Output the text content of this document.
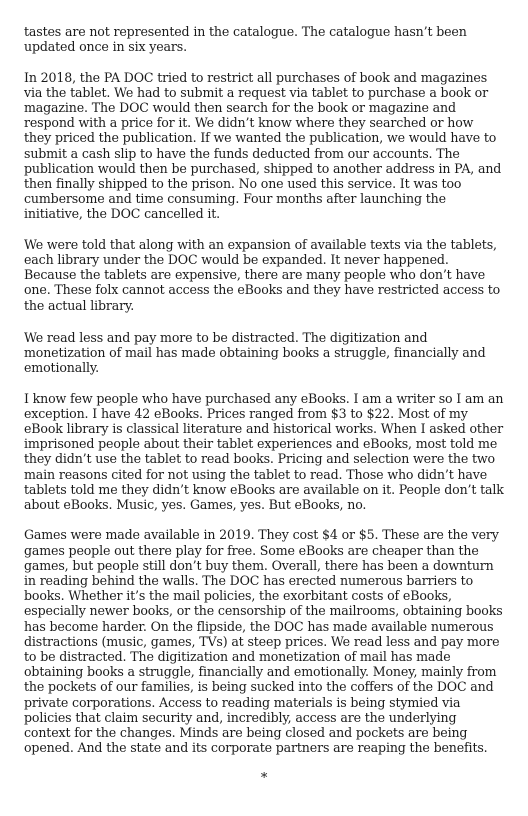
tastes are not represented in the catalogue. The catalogue hasn’t been updated once in six years.

In 2018, the PA DOC tried to restrict all purchases of book and magazines via the tablet. We had to submit a request via tablet to purchase a book or magazine. The DOC would then search for the book or magazine and respond with a price for it. We didn’t know where they searched or how they priced the publication. If we wanted the publication, we would have to submit a cash slip to have the funds deducted from our accounts. The publication would then be purchased, shipped to another address in PA, and then finally shipped to the prison. No one used this service. It was too cumbersome and time consuming. Four months after launching the initiative, the DOC cancelled it.

We were told that along with an expansion of available texts via the tablets, each library under the DOC would be expanded. It never happened. Because the tablets are expensive, there are many people who don’t have one. These folx cannot access the eBooks and they have restricted access to the actual library.

We read less and pay more to be distracted. The digitization and monetization of mail has made obtaining books a struggle, financially and emotionally.

I know few people who have purchased any eBooks. I am a writer so I am an exception. I have 42 eBooks. Prices ranged from $3 to $22. Most of my eBook library is classical literature and historical works. When I asked other imprisoned people about their tablet experiences and eBooks, most told me they didn’t use the tablet to read books. Pricing and selection were the two main reasons cited for not using the tablet to read. Those who didn’t have tablets told me they didn’t know eBooks are available on it. People don’t talk about eBooks. Music, yes. Games, yes. But eBooks, no.

Games were made available in 2019. They cost $4 or $5. These are the very games people out there play for free. Some eBooks are cheaper than the games, but people still don’t buy them. Overall, there has been a downturn in reading behind the walls. The DOC has erected numerous barriers to books. Whether it’s the mail policies, the exorbitant costs of eBooks, especially newer books, or the censorship of the mailrooms, obtaining books has become harder. On the flipside, the DOC has made available numerous distractions (music, games, TVs) at steep prices. We read less and pay more to be distracted. The digitization and monetization of mail has made obtaining books a struggle, financially and emotionally. Money, mainly from the pockets of our families, is being sucked into the coffers of the DOC and private corporations. Access to reading materials is being stymied via policies that claim security and, incredibly, access are the underlying context for the changes. Minds are being closed and pockets are being opened. And the state and its corporate partners are reaping the benefits.

*
